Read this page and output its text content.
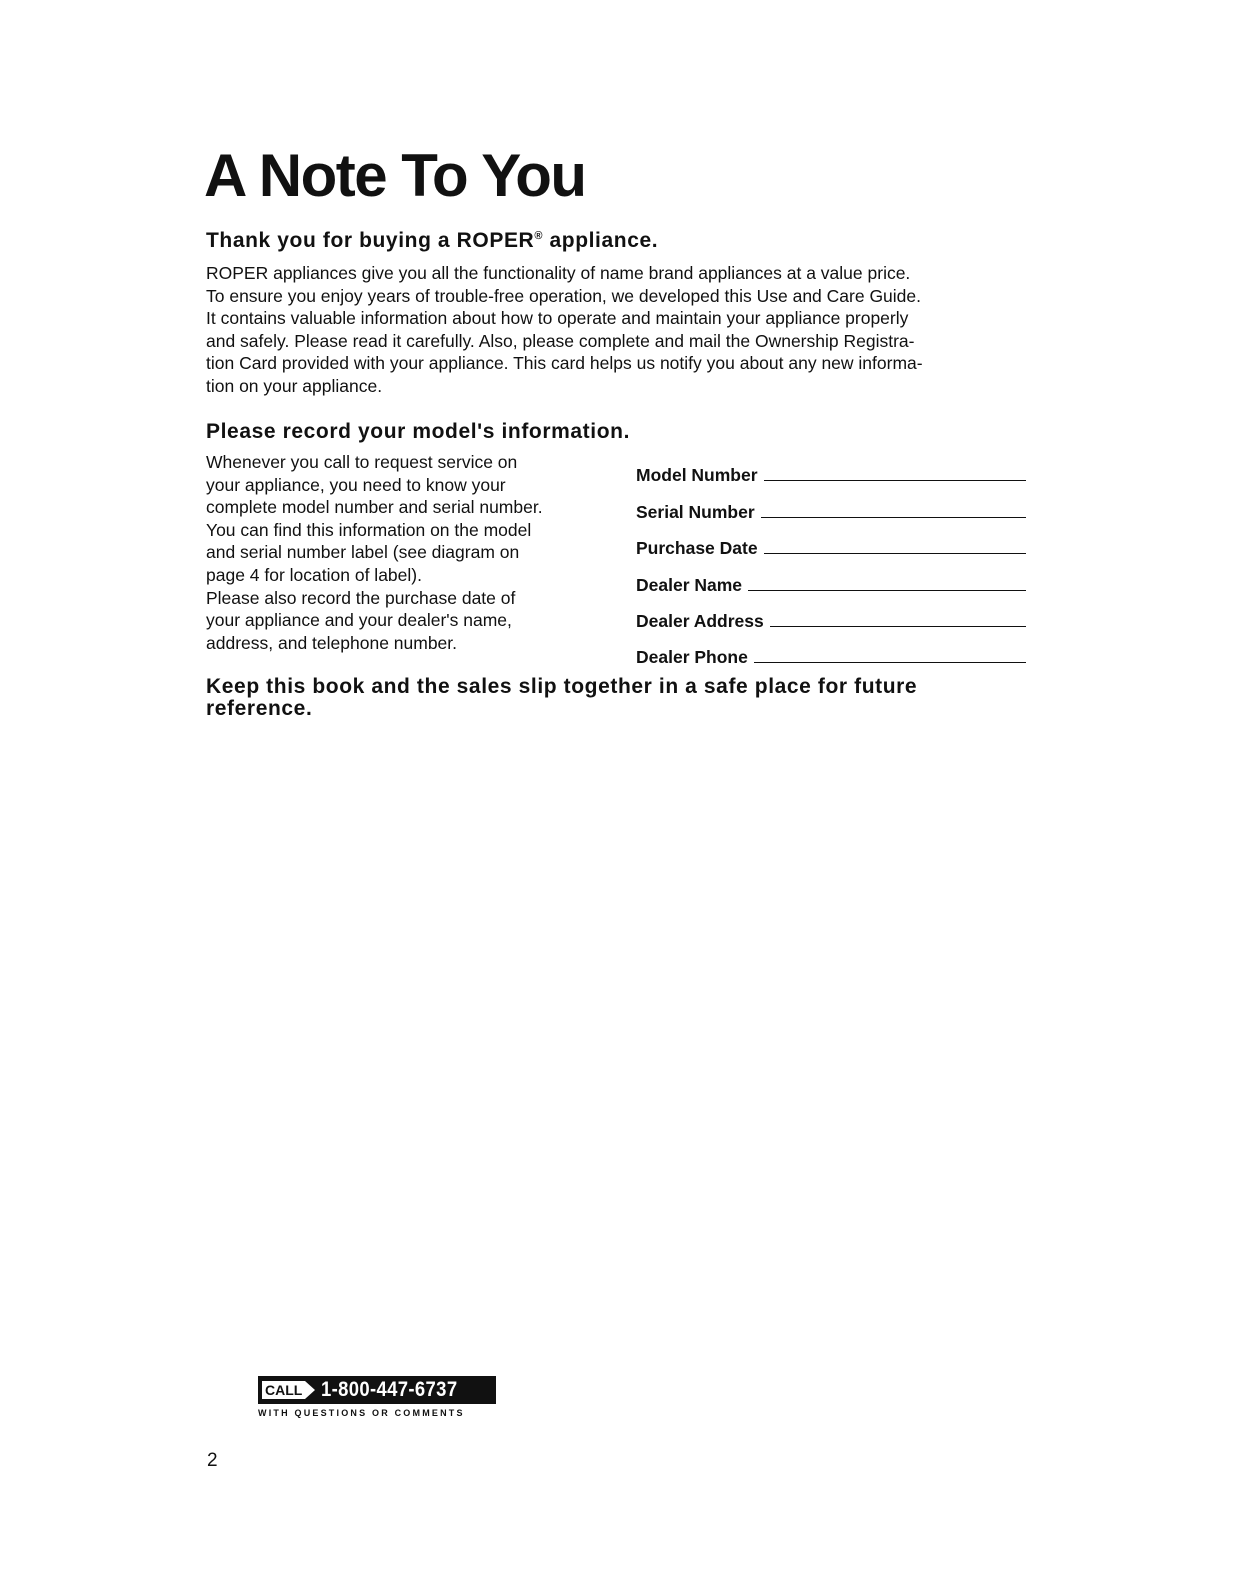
A Note To You
Thank you for buying a ROPER® appliance.

ROPER appliances give you all the functionality of name brand appliances at a value price.
To ensure you enjoy years of trouble-free operation, we developed this Use and Care Guide.
It contains valuable information about how to operate and maintain your appliance properly
and safely. Please read it carefully. Also, please complete and mail the Ownership Registra-
tion Card provided with your appliance. This card helps us notify you about any new informa-
tion on your appliance.

Please record your model's information.

Whenever you call to request service on
your appliance, you need to know your
complete model number and serial number.
You can find this information on the model
and serial number label (see diagram on
page 4 for location of label).
Please also record the purchase date of
your appliance and your dealer's name,
address, and telephone number.

Model Number
Serial Number
Purchase Date
Dealer Name
Dealer Address
Dealer Phone

Keep this book and the sales slip together in a safe place for future reference.

CALL 1-800-447-6737

WITH QUESTIONS OR COMMENTS

2
